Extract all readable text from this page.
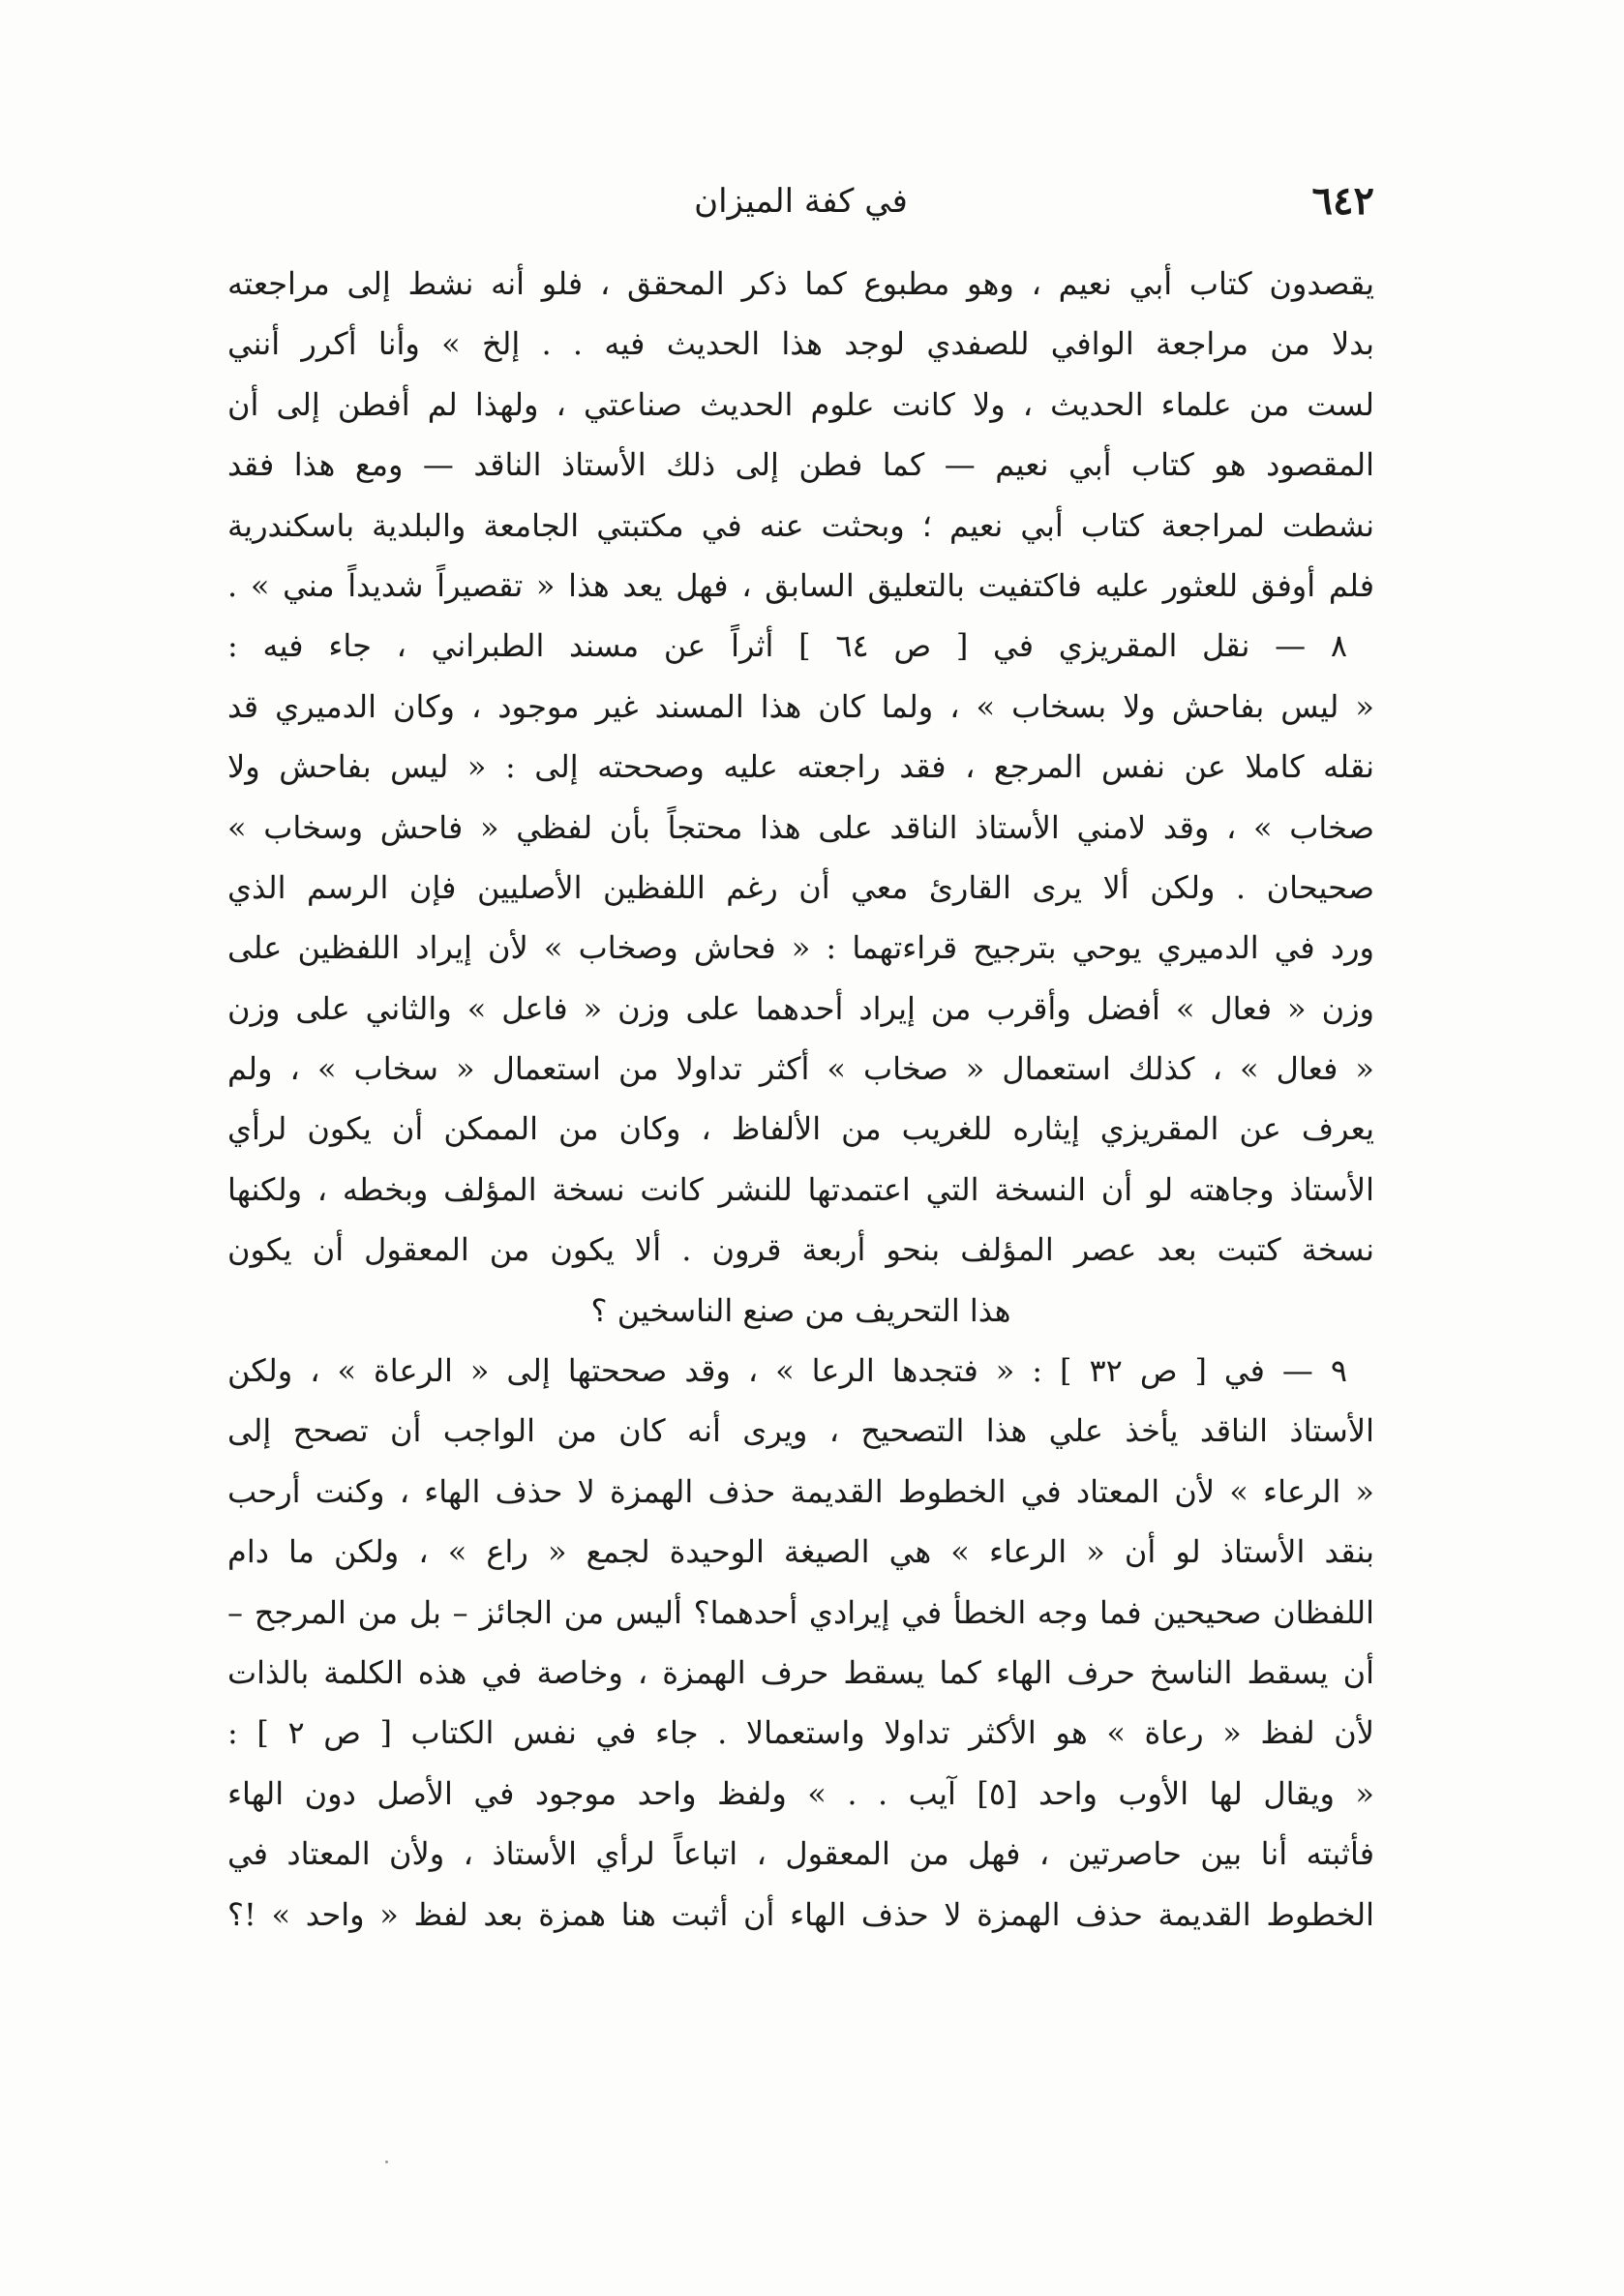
٦٤٢
في كفة الميزان
يقصدون كتاب أبي نعيم ، وهو مطبوع كما ذكر المحقق ، فلو أنه نشط إلى مراجعته
بدلا من مراجعة الوافي للصفدي لوجد هذا الحديث فيه . . إلخ » وأنا أكرر أنني
لست من علماء الحديث ، ولا كانت علوم الحديث صناعتي ، ولهذا لم أفطن إلى أن
المقصود هو كتاب أبي نعيم — كما فطن إلى ذلك الأستاذ الناقد — ومع هذا فقد
نشطت لمراجعة كتاب أبي نعيم ؛ وبحثت عنه في مكتبتي الجامعة والبلدية باسكندرية
فلم أوفق للعثور عليه فاكتفيت بالتعليق السابق ، فهل يعد هذا « تقصيراً شديداً مني » .
٨ — نقل المقريزي في [ ص ٦٤ ] أثراً عن مسند الطبراني ، جاء فيه :
« ليس بفاحش ولا بسخاب » ، ولما كان هذا المسند غير موجود ، وكان الدميري قد
نقله كاملا عن نفس المرجع ، فقد راجعته عليه وصححته إلى : « ليس بفاحش ولا
صخاب » ، وقد لامني الأستاذ الناقد على هذا محتجاً بأن لفظي « فاحش وسخاب »
صحيحان . ولكن ألا يرى القارئ معي أن رغم اللفظين الأصليين فإن الرسم الذي
ورد في الدميري يوحي بترجيح قراءتهما : « فحاش وصخاب » لأن إيراد اللفظين على
وزن « فعال » أفضل وأقرب من إيراد أحدهما على وزن « فاعل » والثاني على وزن
« فعال » ، كذلك استعمال « صخاب » أكثر تداولا من استعمال « سخاب » ، ولم
يعرف عن المقريزي إيثاره للغريب من الألفاظ ، وكان من الممكن أن يكون لرأي
الأستاذ وجاهته لو أن النسخة التي اعتمدتها للنشر كانت نسخة المؤلف وبخطه ، ولكنها
نسخة كتبت بعد عصر المؤلف بنحو أربعة قرون . ألا يكون من المعقول أن يكون
هذا التحريف من صنع الناسخين ؟
٩ — في [ ص ٣٢ ] : « فتجدها الرعا » ، وقد صححتها إلى « الرعاة » ، ولكن
الأستاذ الناقد يأخذ علي هذا التصحيح ، ويرى أنه كان من الواجب أن تصحح إلى
« الرعاء » لأن المعتاد في الخطوط القديمة حذف الهمزة لا حذف الهاء ، وكنت أرحب
بنقد الأستاذ لو أن « الرعاء » هي الصيغة الوحيدة لجمع « راع » ، ولكن ما دام
اللفظان صحيحين فما وجه الخطأ في إيرادي أحدهما؟ أليس من الجائز – بل من المرجح –
أن يسقط الناسخ حرف الهاء كما يسقط حرف الهمزة ، وخاصة في هذه الكلمة بالذات
لأن لفظ « رعاة » هو الأكثر تداولا واستعمالا . جاء في نفس الكتاب [ ص ٢ ] :
« ويقال لها الأوب واحد [٥] آيب . . » ولفظ واحد موجود في الأصل دون الهاء
فأثبته أنا بين حاصرتين ، فهل من المعقول ، اتباعاً لرأي الأستاذ ، ولأن المعتاد في
الخطوط القديمة حذف الهمزة لا حذف الهاء أن أثبت هنا همزة بعد لفظ « واحد » !؟
